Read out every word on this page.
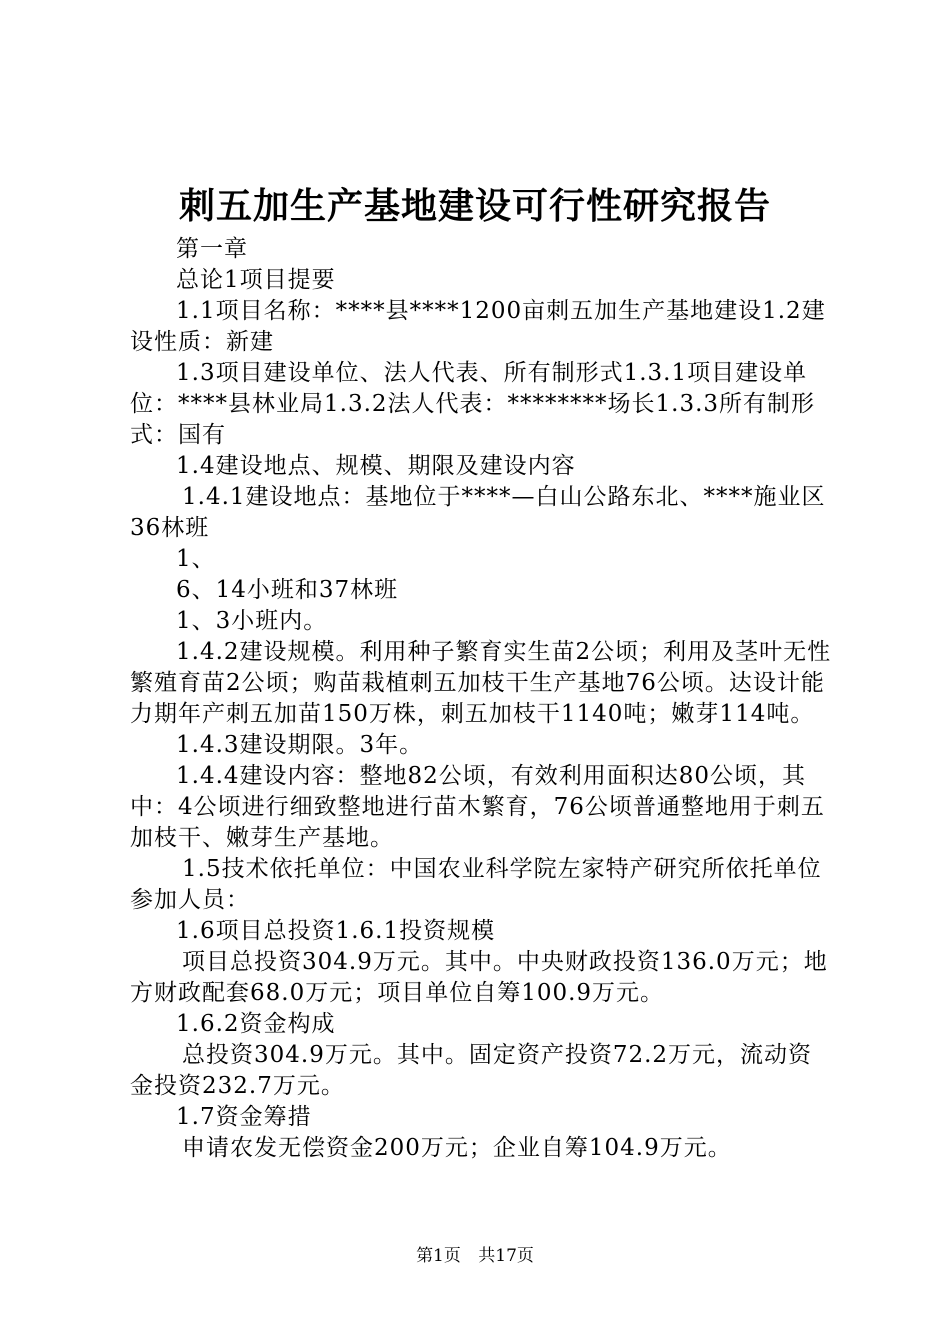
刺五加生产基地建设可行性研究报告

第一章

总论1项目提要

1.1项目名称：****县****1200亩刺五加生产基地建设1.2建设性质：新建

1.3项目建设单位、法人代表、所有制形式1.3.1项目建设单位：****县林业局1.3.2法人代表：********场长1.3.3所有制形式：国有

1.4建设地点、规模、期限及建设内容

1.4.1建设地点：基地位于****—白山公路东北、****施业区36林班

1、

6、14小班和37林班

1、3小班内。

1.4.2建设规模。利用种子繁育实生苗2公顷；利用及茎叶无性繁殖育苗2公顷；购苗栽植刺五加枝干生产基地76公顷。达设计能力期年产刺五加苗150万株，刺五加枝干1140吨；嫩芽114吨。

1.4.3建设期限。3年。

1.4.4建设内容：整地82公顷，有效利用面积达80公顷，其中：4公顷进行细致整地进行苗木繁育，76公顷普通整地用于刺五加枝干、嫩芽生产基地。

1.5技术依托单位：中国农业科学院左家特产研究所依托单位参加人员：

1.6项目总投资1.6.1投资规模

项目总投资304.9万元。其中。中央财政投资136.0万元；地方财政配套68.0万元；项目单位自筹100.9万元。

1.6.2资金构成

总投资304.9万元。其中。固定资产投资72.2万元，流动资金投资232.7万元。

1.7资金筹措

申请农发无偿资金200万元；企业自筹104.9万元。

第1页 共17页
